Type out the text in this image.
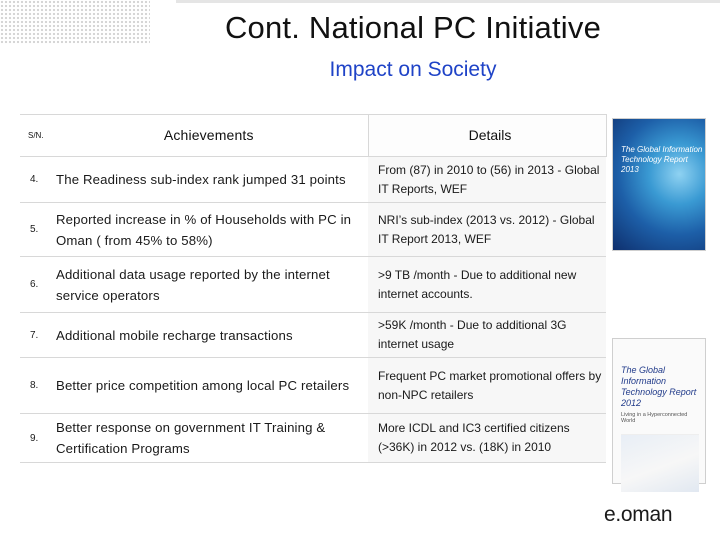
Cont. National PC Initiative
Impact on Society
S/N.	Achievements	Details
4.	The Readiness sub-index rank jumped 31 points	From (87) in 2010 to (56) in 2013 - Global IT Reports, WEF
5.	Reported increase in % of Households with PC in Oman ( from 45% to 58%)	NRI’s sub-index (2013 vs. 2012) - Global IT Report 2013, WEF
6.	Additional data usage reported by the internet service operators	>9 TB /month - Due to additional new internet accounts.
7.	Additional mobile recharge transactions	>59K /month - Due to additional 3G internet usage
8.	Better price competition among local PC retailers	Frequent PC market promotional offers by non-NPC retailers
9.	Better response on government IT Training & Certification Programs	More ICDL and IC3 certified citizens (>36K) in 2012 vs. (18K) in 2010
The Global Information Technology Report 2013
The Global Information Technology Report 2012
Living in a Hyperconnected World
e.oman
